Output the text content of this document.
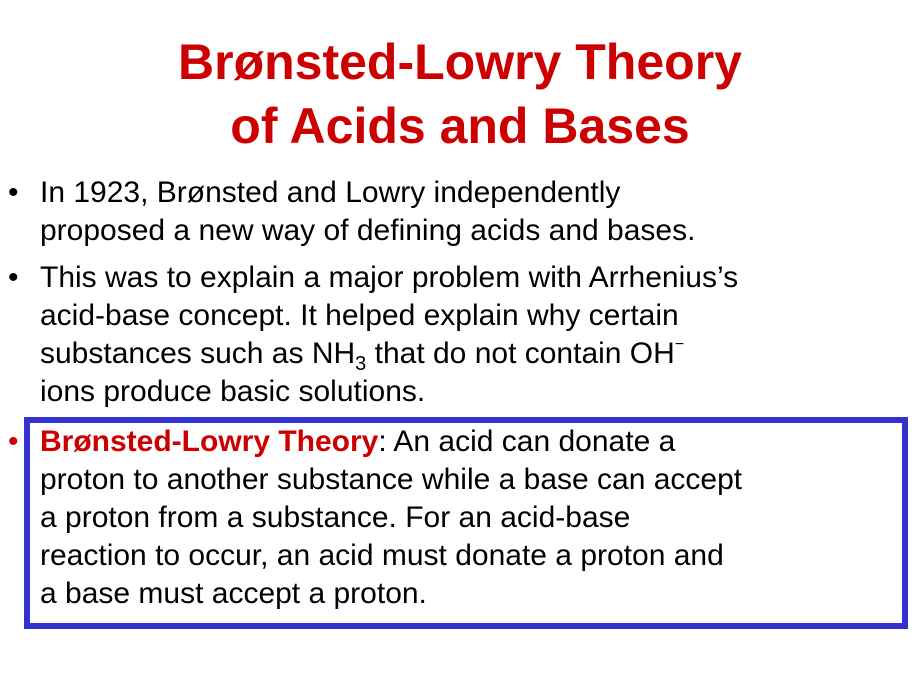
Brønsted-Lowry Theory
of Acids and Bases
• In 1923, Brønsted and Lowry independently
proposed a new way of defining acids and bases.
• This was to explain a major problem with Arrhenius’s
acid-base concept. It helped explain why certain
substances such as $NH_3$ that do not contain OH−
ions produce basic solutions.
• Brønsted-Lowry Theory: An acid can donate a
proton to another substance while a base can accept
a proton from a substance. For an acid-base
reaction to occur, an acid must donate a proton and
a base must accept a proton.
